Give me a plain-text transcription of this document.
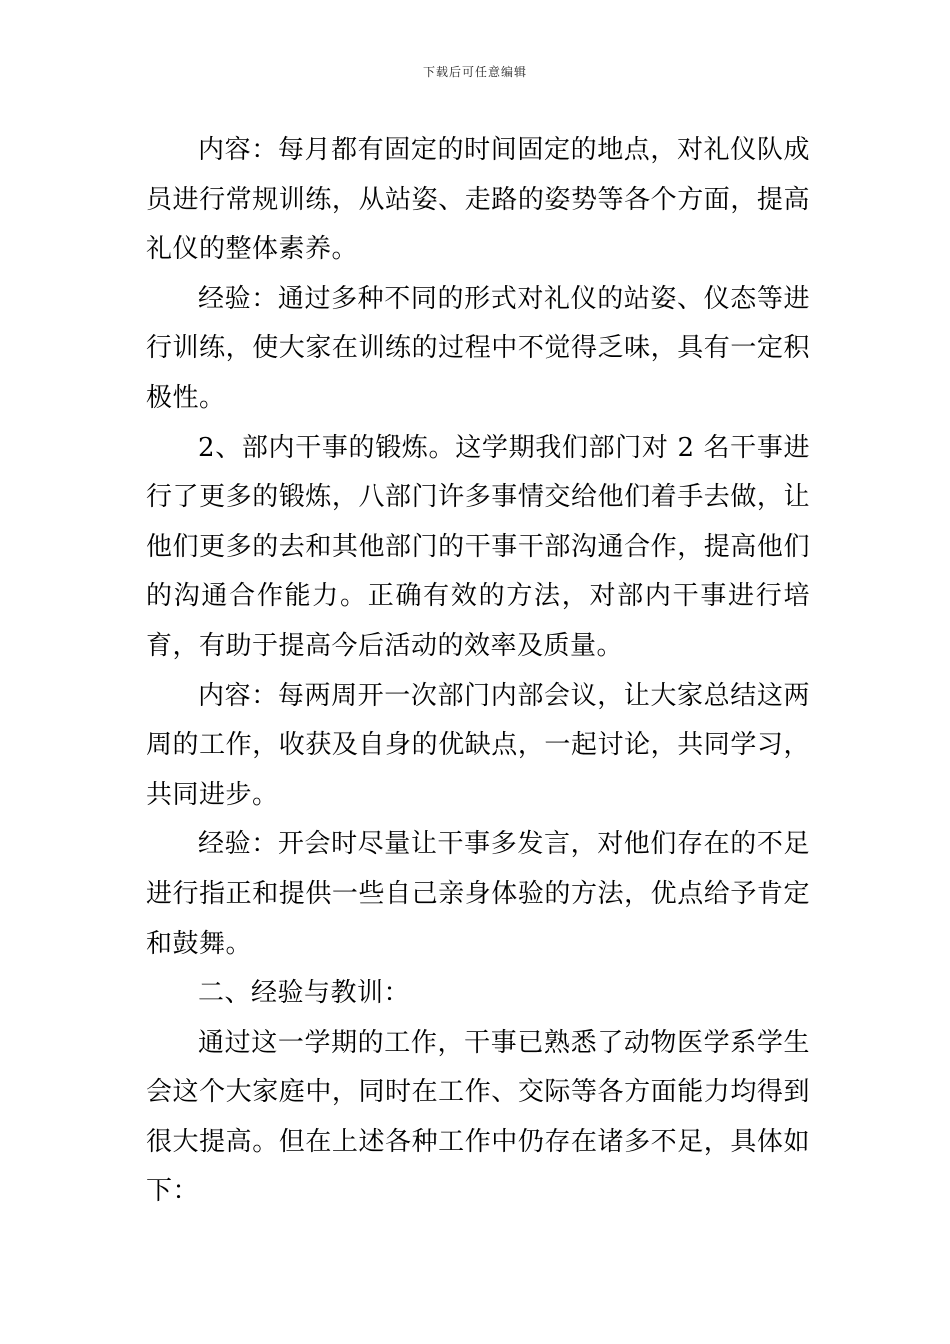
下载后可任意编辑

内容：每月都有固定的时间固定的地点，对礼仪队成员进行常规训练，从站姿、走路的姿势等各个方面，提高礼仪的整体素养。

经验：通过多种不同的形式对礼仪的站姿、仪态等进行训练，使大家在训练的过程中不觉得乏味，具有一定积极性。

2、部内干事的锻炼。这学期我们部门对 2 名干事进行了更多的锻炼，八部门许多事情交给他们着手去做，让他们更多的去和其他部门的干事干部沟通合作，提高他们的沟通合作能力。正确有效的方法，对部内干事进行培育，有助于提高今后活动的效率及质量。

内容：每两周开一次部门内部会议，让大家总结这两周的工作，收获及自身的优缺点，一起讨论，共同学习，共同进步。

经验：开会时尽量让干事多发言，对他们存在的不足进行指正和提供一些自己亲身体验的方法，优点给予肯定和鼓舞。

二、经验与教训：

通过这一学期的工作，干事已熟悉了动物医学系学生会这个大家庭中，同时在工作、交际等各方面能力均得到很大提高。但在上述各种工作中仍存在诸多不足，具体如下：
